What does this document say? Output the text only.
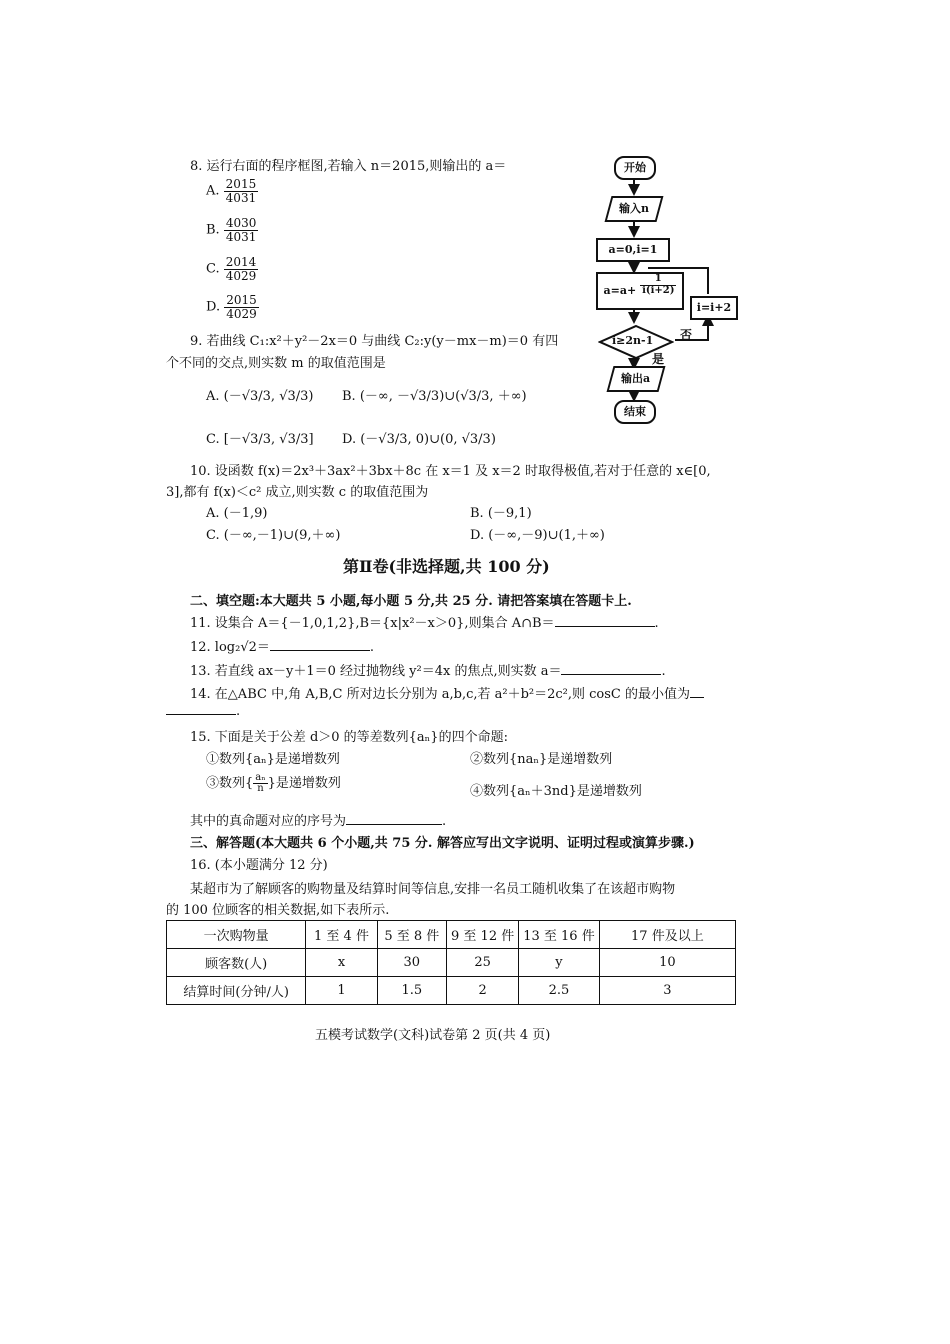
8. 运行右面的程序框图,若输入 n＝2015,则输出的 a＝
A. $\frac{2015}{4031}$
B. $\frac{4030}{4031}$
C. $\frac{2014}{4029}$
D. $\frac{2015}{4029}$
开始
输入n
a=0,i=1
$a=a+ \frac{1}{i(i+2)}$
i=i+2
i≥2n-1 否
是
输出a
结束
9. 若曲线 C₁:x²＋y²－2x＝0 与曲线 C₂:y(y－mx－m)＝0 有四
个不同的交点,则实数 m 的取值范围是
A. (－√3/3, √3/3) B. (－∞, －√3/3)∪(√3/3, ＋∞)
C. [－√3/3, √3/3] D. (－√3/3, 0)∪(0, √3/3)
10. 设函数 f(x)＝2x³＋3ax²＋3bx＋8c 在 x＝1 及 x＝2 时取得极值,若对于任意的 x∈[0,
3],都有 f(x)＜c² 成立,则实数 c 的取值范围为
A. (－1,9)	B. (－9,1)
C. (－∞,－1)∪(9,＋∞)	D. (－∞,－9)∪(1,＋∞)
第Ⅱ卷(非选择题,共 100 分)
二、填空题:本大题共 5 小题,每小题 5 分,共 25 分. 请把答案填在答题卡上.
11. 设集合 A＝{－1,0,1,2},B＝{x|x²－x＞0},则集合 A∩B＝	.
12. log₂√2＝	.
13. 若直线 ax－y＋1＝0 经过抛物线 y²＝4x 的焦点,则实数 a＝	.
14. 在△ABC 中,角 A,B,C 所对边长分别为 a,b,c,若 a²＋b²＝2c²,则 cosC 的最小值为
.
15. 下面是关于公差 d＞0 的等差数列{aₙ}的四个命题:
①数列{aₙ}是递增数列	②数列{naₙ}是递增数列
③数列{ $\frac{\text{aₙ}}{n}$ }是递增数列
④数列{aₙ＋3nd}是递增数列
其中的真命题对应的序号为	.
三、解答题(本大题共 6 个小题,共 75 分. 解答应写出文字说明、证明过程或演算步骤.)
16. (本小题满分 12 分)
某超市为了解顾客的购物量及结算时间等信息,安排一名员工随机收集了在该超市购物
的 100 位顾客的相关数据,如下表所示.
一次购物量	1 至 4 件	5 至 8 件	9 至 12 件	13 至 16 件	17 件及以上
顾客数(人)	x	30	25	y	10
结算时间(分钟/人)	1	1.5	2	2.5	3
五模考试数学(文科)试卷第 2 页(共 4 页)
